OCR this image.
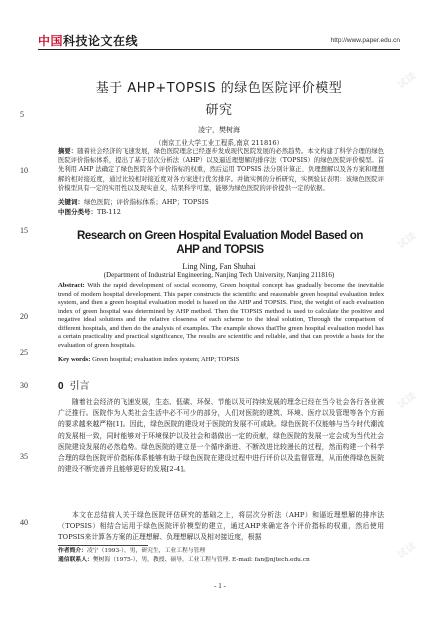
中国科技论文在线	http://www.paper.edu.cn
试读
试读
试读
试读
5
10
15
20
25
30
35
40
基于 AHP+TOPSIS 的绿色医院评价模型
研究
凌宁，樊树海
（南京工业大学工业工程系,南京 211816）
摘要：随着社会经济的飞速发展，绿色医院理念已经逐步发成现代医院发展的必然趋势。本文构建了科学合理的绿色医院评价指标体系，提出了基于层次分析法（AHP）以及逼近理想解的排序法（TOPSIS）的绿色医院评价模型。首先利用 AHP 法确定了绿色医院各个评价指标的权重，然后运用 TOPSIS 法分别计算正、负理想解以及各方案和理想解的相对接近度，通过比较相对接近度对各方案进行优劣排序。并做实例的分析研究，实例验证表明：该绿色医院评价模型具有一定的实用性以及现实意义，结果科学可靠，能够为绿色医院的评价提供一定的依据。
关键词：绿色医院；评价指标体系；AHP；TOPSIS
中图分类号：TB-112
Research on Green Hospital Evaluation Model Based on AHP and TOPSIS
Ling Ning, Fan Shuhai
(Department of Industrial Engineering, Nanjing Tech University, Nanjing 211816)
Abstract: With the rapid development of social economy, Green hospital concept has gradually become the inevitable trend of modern hospital development. This paper constructs the scientific and reasonable green hospital evaluation index system, and then a green hospital evaluation model is based on the AHP and TOPSIS. First, the weight of each evaluation index of green hospital was determined by AHP method. Then the TOPSIS method is used to calculate the positive and negative ideal solutions and the relative closeness of each scheme to the ideal solution, Through the comparison of different hospitals, and then do the analysis of examples. The example shows thatThe green hospital evaluation model has a certain practicality and practical significance, The results are scientific and reliable, and that can provide a basis for the evaluation of green hospitals.
Key words: Green hospital; evaluation index system; AHP; TOPSIS
0 引言
随着社会经济的飞速发展，生态、低碳、环保、节能以及可持续发展的理念已经在当今社会各行各业被广泛推行。医院作为人类社会生活中必不可少的部分，人们对医院的建筑、环境、医疗以及管理等各个方面的要求越来越严格[1]。因此，绿色医院的建设对于医院的发展不可或缺。绿色医院不仅能够与当今时代潮流的发展相一致，同时能够对于环境保护以及社会和谐做出一定的贡献，绿色医院的发展一定会成为当代社会医院建设发展的必然趋势。绿色医院的建立是一个循序渐进、不断改进比较漫长的过程，然而构建一个科学合理的绿色医院评价指标体系能够有助于绿色医院在建设过程中进行评价以及监督管理，从而使得绿色医院的建设不断完善并且能够更好的发展[2-4]。
本文在总结前人关于绿色医院评估研究的基础之上，将层次分析法（AHP）和逼近理想解的排序法（TOPSIS）相结合运用于绿色医院评价模型的建立，通过AHP来确定各个评价指标的权重，然后使用TOPSIS来计算各方案的正理想解、负理想解以及相对接近度，根据
作者简介：凌宁（1993-），男，研究生，工业工程与管理
通信联系人：樊树海（1975-），男，教授、硕导，工业工程与管理. E-mail: fan@njtech.edu.cn
- 1 -
